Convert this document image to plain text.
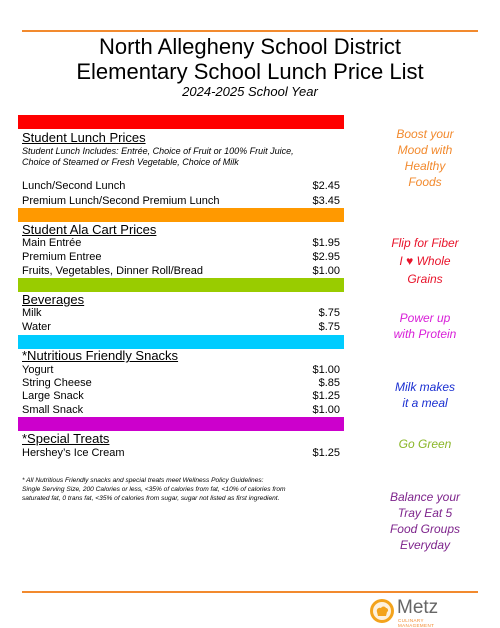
North Allegheny School District
Elementary School Lunch Price List
2024-2025 School Year
Student Lunch Prices
Student Lunch Includes: Entrée, Choice of Fruit or 100% Fruit Juice,
Choice of Steamed or Fresh Vegetable, Choice of Milk
Lunch/Second Lunch	$2.45
Premium Lunch/Second Premium Lunch	$3.45
Student Ala Cart Prices
Main Entrée	$1.95
Premium Entree	$2.95
Fruits, Vegetables, Dinner Roll/Bread	$1.00
Beverages
Milk	$.75
Water	$.75
*Nutritious Friendly Snacks
Yogurt	$1.00
String Cheese	$.85
Large Snack	$1.25
Small Snack	$1.00
*Special Treats
Hershey’s Ice Cream	$1.25
* All Nutritious Friendly snacks and special treats meet Wellness Policy Guidelines:
Single Serving Size, 200 Calories or less, <35% of calories from fat, <10% of calories from
saturated fat, 0 trans fat, <35% of calories from sugar, sugar not listed as first ingredient.
Boost your
Mood with
Healthy
Foods
Flip for Fiber
I ♥ Whole
Grains
Power up
with Protein
Milk makes
it a meal
Go Green
Balance your
Tray Eat 5
Food Groups
Everyday
Metz
CULINARY MANAGEMENT
